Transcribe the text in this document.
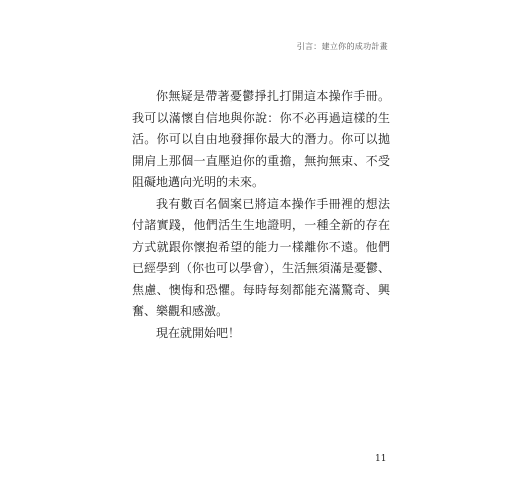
引言：建立你的成功計畫

你無疑是帶著憂鬱掙扎打開這本操作手冊。我可以滿懷自信地與你說：你不必再過這樣的生活。你可以自由地發揮你最大的潛力。你可以拋開肩上那個一直壓迫你的重擔，無拘無束、不受阻礙地邁向光明的未來。

我有數百名個案已將這本操作手冊裡的想法付諸實踐，他們活生生地證明，一種全新的存在方式就跟你懷抱希望的能力一樣離你不遠。他們已經學到（你也可以學會），生活無須滿是憂鬱、焦慮、懊悔和恐懼。每時每刻都能充滿驚奇、興奮、樂觀和感激。

現在就開始吧！

11
